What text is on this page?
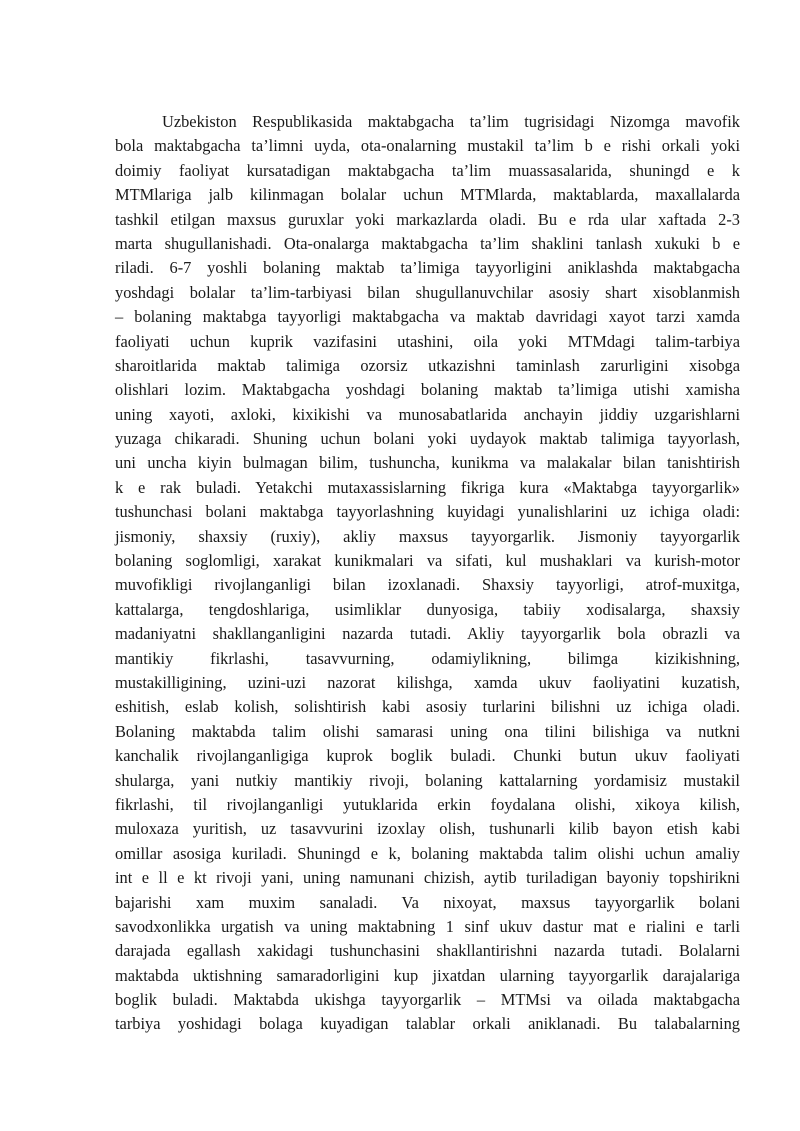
Uzbekiston Respublikasida maktabgacha ta’lim tugrisidagi Nizomga mavofik
bola maktabgacha ta’limni uyda, ota-onalarning mustakil ta’lim b e rishi orkali yoki
doimiy faoliyat kursatadigan maktabgacha ta’lim muassasalarida, shuningd e k
MTMlariga jalb kilinmagan bolalar uchun MTMlarda, maktablarda, maxallalarda
tashkil etilgan maxsus guruxlar yoki markazlarda oladi. Bu e rda ular xaftada 2-3
marta shugullanishadi. Ota-onalarga maktabgacha ta’lim shaklini tanlash xukuki b e
riladi. 6-7 yoshli bolaning maktab ta’limiga tayyorligini aniklashda maktabgacha
yoshdagi bolalar ta’lim-tarbiyasi bilan shugullanuvchilar asosiy shart xisoblanmish
– bolaning maktabga tayyorligi maktabgacha va maktab davridagi xayot tarzi xamda
faoliyati uchun kuprik vazifasini utashini, oila yoki MTMdagi talim-tarbiya
sharoitlarida maktab talimiga ozorsiz utkazishni taminlash zarurligini xisobga
olishlari lozim. Maktabgacha yoshdagi bolaning maktab ta’limiga utishi xamisha
uning xayoti, axloki, kixikishi va munosabatlarida anchayin jiddiy uzgarishlarni
yuzaga chikaradi. Shuning uchun bolani yoki uydayok maktab talimiga tayyorlash,
uni uncha kiyin bulmagan bilim, tushuncha, kunikma va malakalar bilan tanishtirish
k e rak buladi. Yetakchi mutaxassislarning fikriga kura «Maktabga tayyorgarlik»
tushunchasi bolani maktabga tayyorlashning kuyidagi yunalishlarini uz ichiga oladi:
jismoniy, shaxsiy (ruxiy), akliy maxsus tayyorgarlik. Jismoniy tayyorgarlik
bolaning soglomligi, xarakat kunikmalari va sifati, kul mushaklari va kurish-motor
muvofikligi rivojlanganligi bilan izoxlanadi. Shaxsiy tayyorligi, atrof-muxitga,
kattalarga, tengdoshlariga, usimliklar dunyosiga, tabiiy xodisalarga, shaxsiy
madaniyatni shakllanganligini nazarda tutadi. Akliy tayyorgarlik bola obrazli va
mantikiy fikrlashi, tasavvurning, odamiylikning, bilimga kizikishning,
mustakilligining, uzini-uzi nazorat kilishga, xamda ukuv faoliyatini kuzatish,
eshitish, eslab kolish, solishtirish kabi asosiy turlarini bilishni uz ichiga oladi.
Bolaning maktabda talim olishi samarasi uning ona tilini bilishiga va nutkni
kanchalik rivojlanganligiga kuprok boglik buladi. Chunki butun ukuv faoliyati
shularga, yani nutkiy mantikiy rivoji, bolaning kattalarning yordamisiz mustakil
fikrlashi, til rivojlanganligi yutuklarida erkin foydalana olishi, xikoya kilish,
muloxaza yuritish, uz tasavvurini izoxlay olish, tushunarli kilib bayon etish kabi
omillar asosiga kuriladi. Shuningd e k, bolaning maktabda talim olishi uchun amaliy
int e ll e kt rivoji yani, uning namunani chizish, aytib turiladigan bayoniy topshirikni
bajarishi xam muxim sanaladi. Va nixoyat, maxsus tayyorgarlik bolani
savodxonlikka urgatish va uning maktabning 1 sinf ukuv dastur mat e rialini e tarli
darajada egallash xakidagi tushunchasini shakllantirishni nazarda tutadi. Bolalarni
maktabda uktishning samaradorligini kup jixatdan ularning tayyorgarlik darajalariga
boglik buladi. Maktabda ukishga tayyorgarlik – MTMsi va oilada maktabgacha
tarbiya yoshidagi bolaga kuyadigan talablar orkali aniklanadi. Bu talabalarning
